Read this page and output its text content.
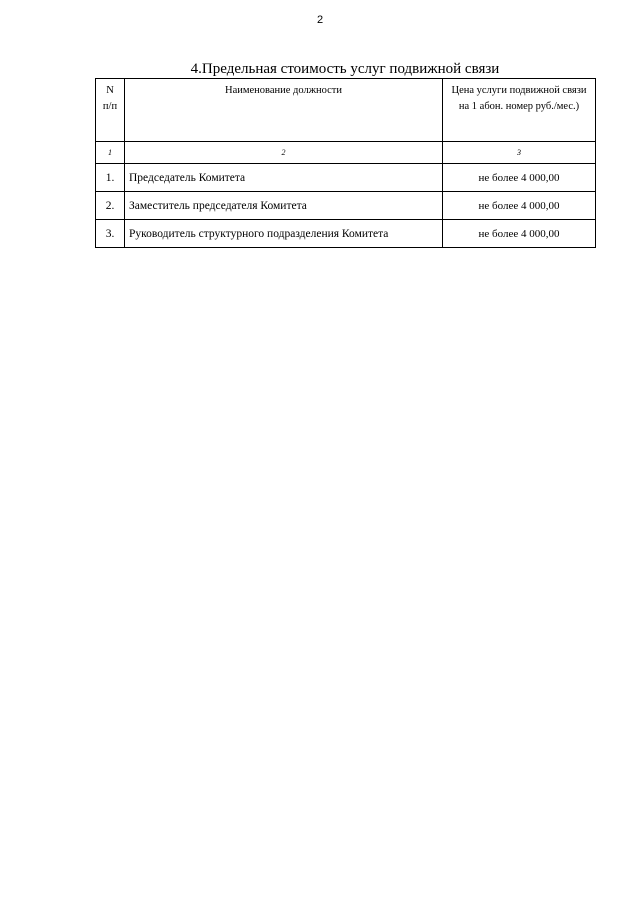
2
4.Предельная стоимость услуг подвижной связи
N п/п	Наименование должности	Цена услуги подвижной связи на 1 абон. номер руб./мес.)
1	2	3
1.	Председатель Комитета	не более 4 000,00
2.	Заместитель председателя Комитета	не более 4 000,00
3.	Руководитель структурного подразделения Комитета	не более 4 000,00
